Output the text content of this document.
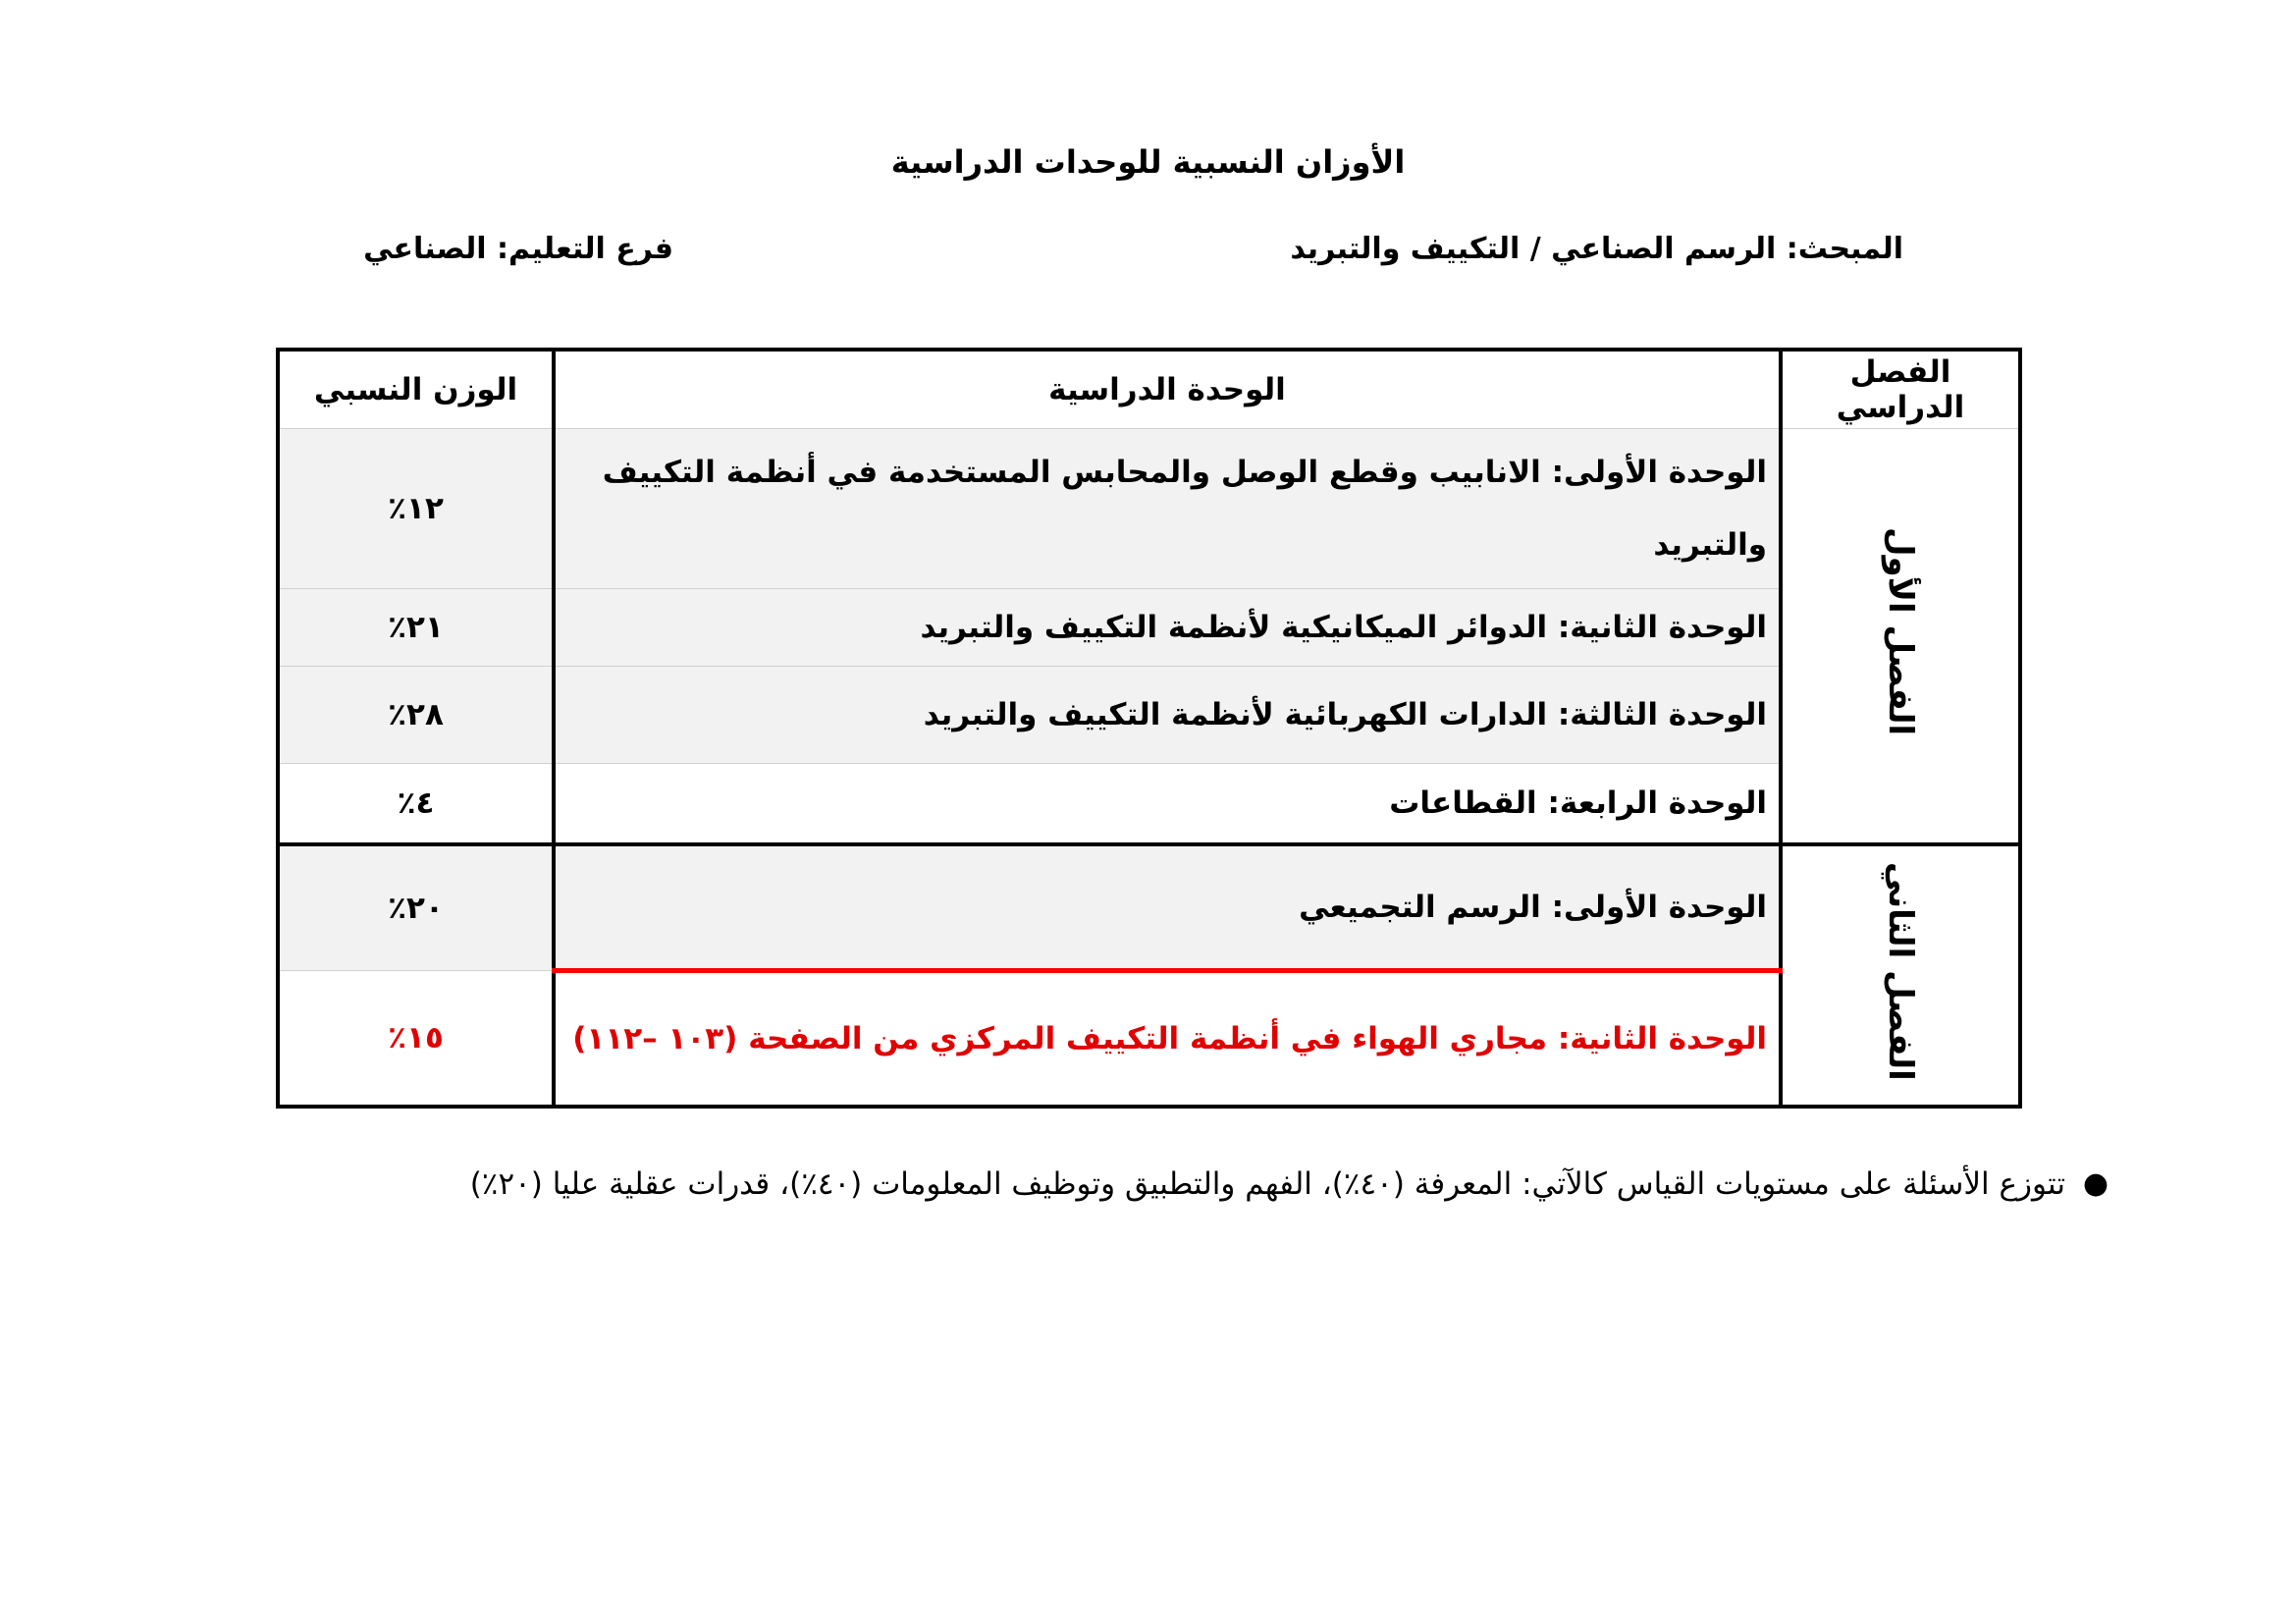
الأوزان النسبية للوحدات الدراسية
المبحث: الرسم الصناعي / التكييف والتبريد
فرع التعليم: الصناعي
الفصل الدراسي	الوحدة الدراسية	الوزن النسبي
الفصل الأول	الوحدة الأولى: الانابيب وقطع الوصل والمحابس المستخدمة في أنظمة التكييف والتبريد	١٢٪
	الوحدة الثانية: الدوائر الميكانيكية لأنظمة التكييف والتبريد	٢١٪
	الوحدة الثالثة: الدارات الكهربائية لأنظمة التكييف والتبريد	٢٨٪
	الوحدة الرابعة: القطاعات	٤٪
الفصل الثاني	الوحدة الأولى: الرسم التجميعي	٢٠٪
	الوحدة الثانية: مجاري الهواء في أنظمة التكييف المركزي من الصفحة (١٠٣ –١١٢)	١٥٪
●
تتوزع الأسئلة على مستويات القياس كالآتي: المعرفة (٤٠٪)، الفهم والتطبيق وتوظيف المعلومات (٤٠٪)، قدرات عقلية عليا (٢٠٪)
